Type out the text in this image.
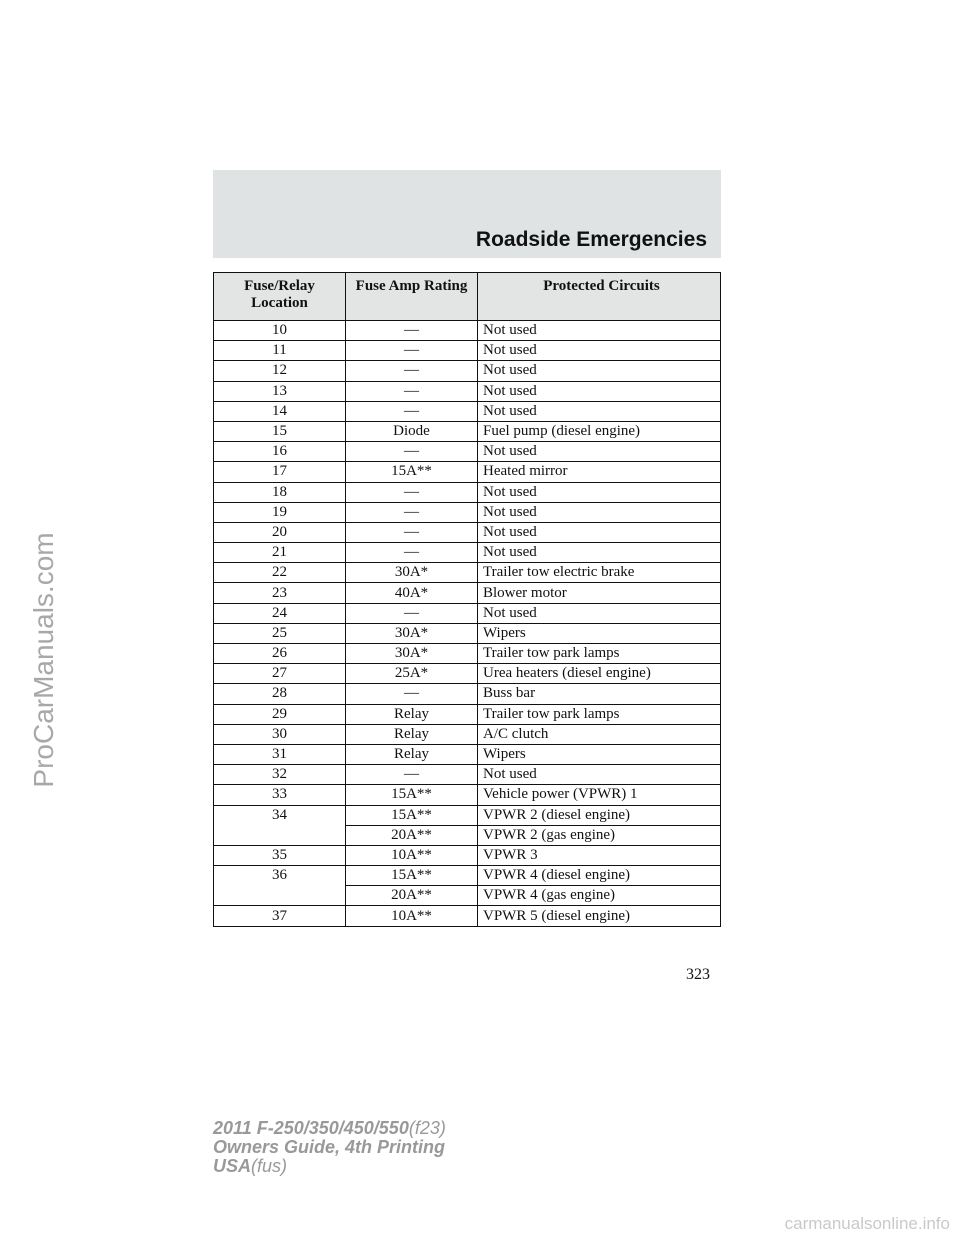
Roadside Emergencies
Fuse/Relay Location	Fuse Amp Rating	Protected Circuits
10	—	Not used
11	—	Not used
12	—	Not used
13	—	Not used
14	—	Not used
15	Diode	Fuel pump (diesel engine)
16	—	Not used
17	15A**	Heated mirror
18	—	Not used
19	—	Not used
20	—	Not used
21	—	Not used
22	30A*	Trailer tow electric brake
23	40A*	Blower motor
24	—	Not used
25	30A*	Wipers
26	30A*	Trailer tow park lamps
27	25A*	Urea heaters (diesel engine)
28	—	Buss bar
29	Relay	Trailer tow park lamps
30	Relay	A/C clutch
31	Relay	Wipers
32	—	Not used
33	15A**	Vehicle power (VPWR) 1
34	15A**	VPWR 2 (diesel engine)
	20A**	VPWR 2 (gas engine)
35	10A**	VPWR 3
36	15A**	VPWR 4 (diesel engine)
	20A**	VPWR 4 (gas engine)
37	10A**	VPWR 5 (diesel engine)
323
2011 F-250/350/450/550(f23)
Owners Guide, 4th Printing
USA(fus)
ProCarManuals.com
carmanualsonline.info
